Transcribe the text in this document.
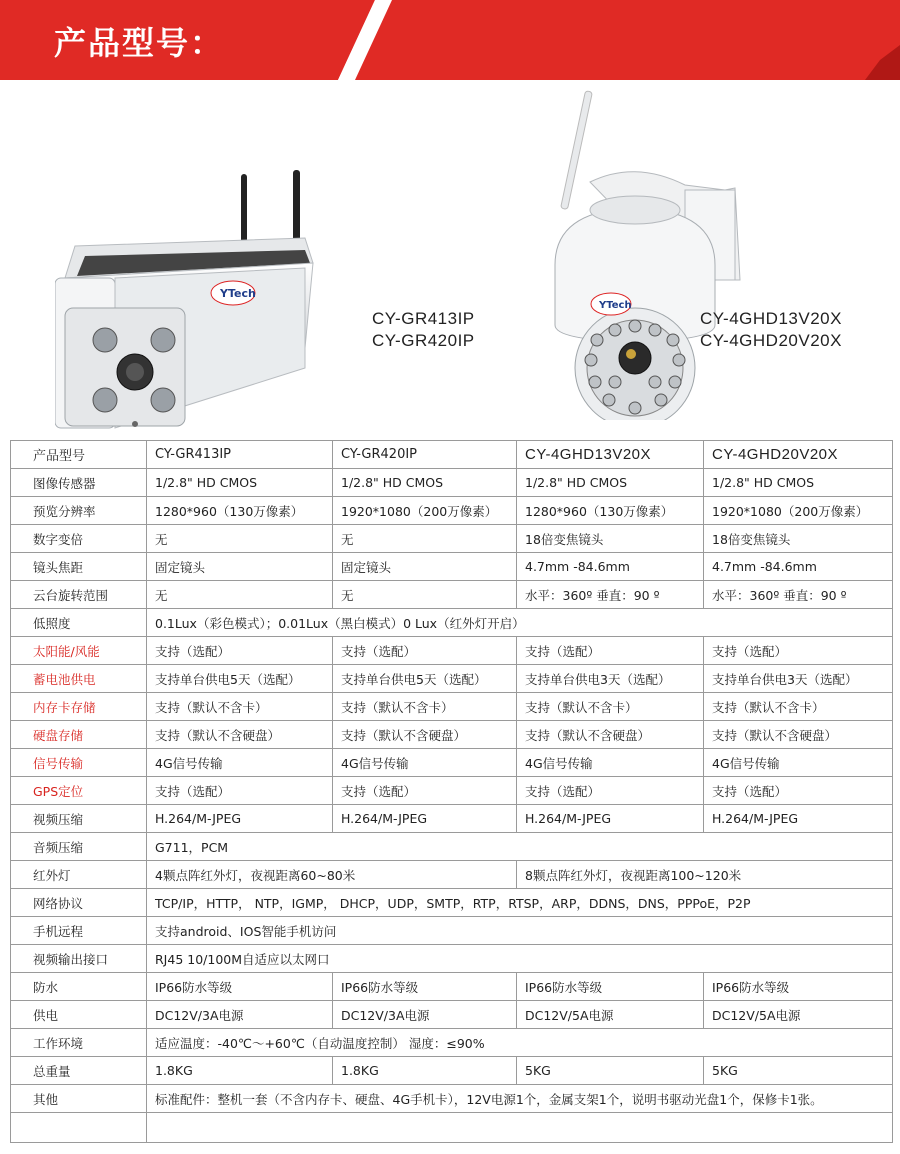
产品型号：
YTech
CY-GR413IP
CY-GR420IP
YTech
CY-4GHD13V20X
CY-4GHD20V20X
产品型号	CY-GR413IP	CY-GR420IP	CY-4GHD13V20X	CY-4GHD20V20X
图像传感器	1/2.8" HD CMOS	1/2.8" HD CMOS	1/2.8" HD CMOS	1/2.8" HD CMOS
预览分辨率	1280*960（130万像素）	1920*1080（200万像素）	1280*960（130万像素）	1920*1080（200万像素）
数字变倍	无	无	18倍变焦镜头	18倍变焦镜头
镜头焦距	固定镜头	固定镜头	4.7mm -84.6mm	4.7mm -84.6mm
云台旋转范围	无	无	水平：360º 垂直：90 º	水平：360º 垂直：90 º
低照度	0.1Lux（彩色模式）；0.01Lux（黑白模式）0 Lux（红外灯开启）			
太阳能/风能	支持（选配）	支持（选配）	支持（选配）	支持（选配）
蓄电池供电	支持单台供电5天（选配）	支持单台供电5天（选配）	支持单台供电3天（选配）	支持单台供电3天（选配）
内存卡存储	支持（默认不含卡）	支持（默认不含卡）	支持（默认不含卡）	支持（默认不含卡）
硬盘存储	支持（默认不含硬盘）	支持（默认不含硬盘）	支持（默认不含硬盘）	支持（默认不含硬盘）
信号传输	4G信号传输	4G信号传输	4G信号传输	4G信号传输
GPS定位	支持（选配）	支持（选配）	支持（选配）	支持（选配）
视频压缩	H.264/M-JPEG	H.264/M-JPEG	H.264/M-JPEG	H.264/M-JPEG
音频压缩	G711，PCM			
红外灯	4颗点阵红外灯，夜视距离60~80米		8颗点阵红外灯，夜视距离100~120米	
网络协议	TCP/IP，HTTP， NTP，IGMP， DHCP，UDP，SMTP，RTP，RTSP，ARP，DDNS，DNS，PPPoE，P2P			
手机远程	支持android、IOS智能手机访问			
视频输出接口	RJ45 10/100M自适应以太网口			
防水	IP66防水等级	IP66防水等级	IP66防水等级	IP66防水等级
供电	DC12V/3A电源	DC12V/3A电源	DC12V/5A电源	DC12V/5A电源
工作环境	适应温度：-40℃～+60℃（自动温度控制） 湿度：≤90%			
总重量	1.8KG	1.8KG	5KG	5KG
其他	标准配件：整机一套（不含内存卡、硬盘、4G手机卡），12V电源1个，金属支架1个，说明书驱动光盘1个，保修卡1张。			
